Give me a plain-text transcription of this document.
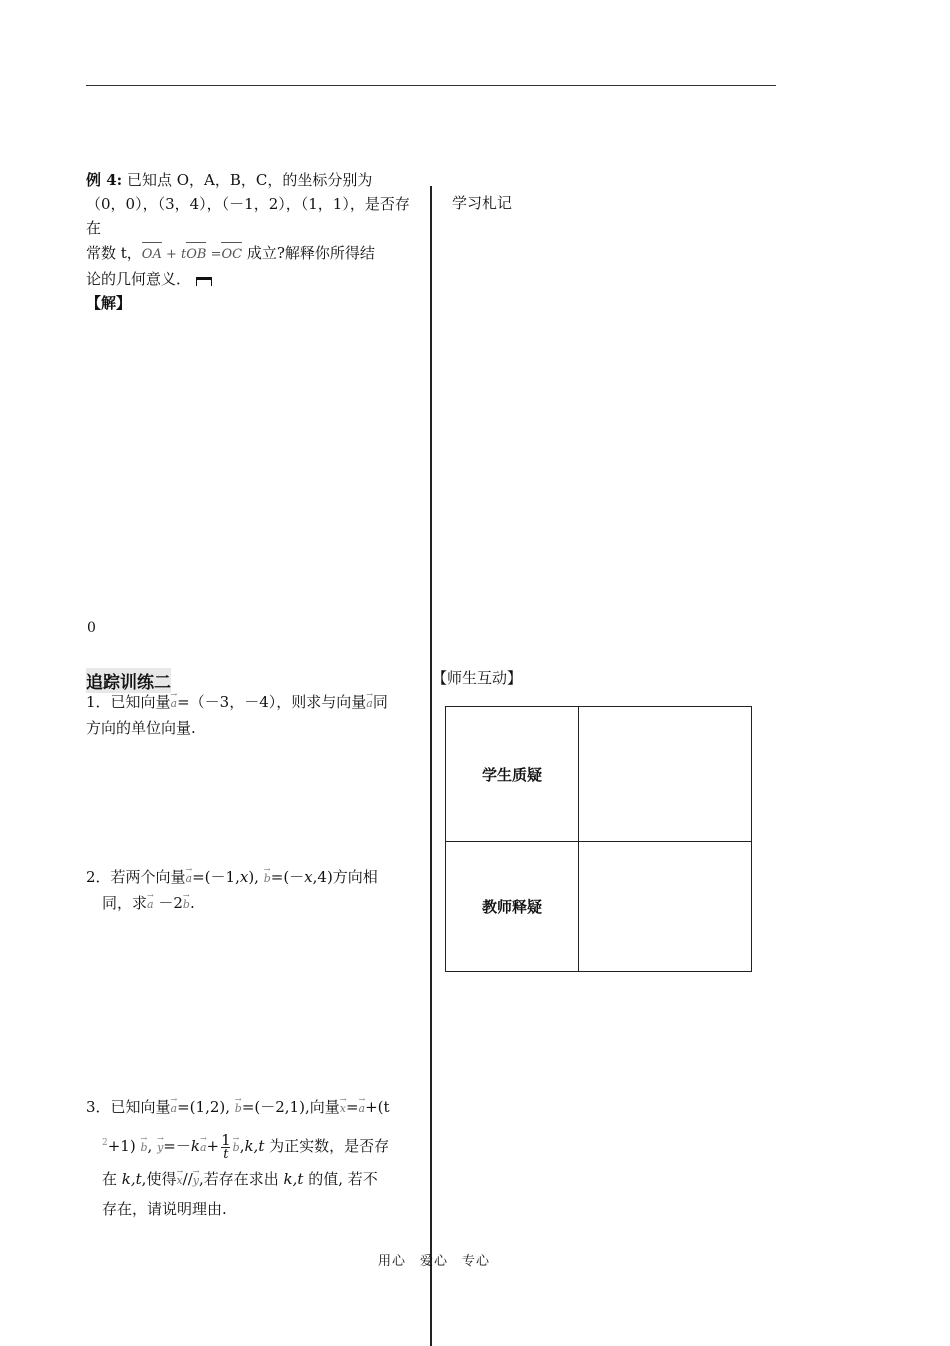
例 4: 已知点 O，A，B，C，的坐标分别为
（0，0），（3，4），（－1，2），（1，1），是否存在
常数 t，OA + tOB =OC 成立?解释你所得结
论的几何意义．
【解】
学习札记
0
追踪训练二
1．已知向量→ a=（－3，－4），则求与向量→ a同
方向的单位向量.
2．若两个向量→ a=(－1,x), → b=(－x,4)方向相
同，求→ a －2→ b.
3．已知向量→ a=(1,2), → b=(－2,1),向量→ x=→ a+(t
$^2$+1) → b, → $y=-k\to a+ \frac{1}{t}$
→ b,k,t 为正实数，是否存
在 k,t,使得→ x//→ y,若存在求出 k,t 的值, 若不
存在，请说明理由.
【师生互动】
学生质疑
教师释疑
用心　爱心　专心
